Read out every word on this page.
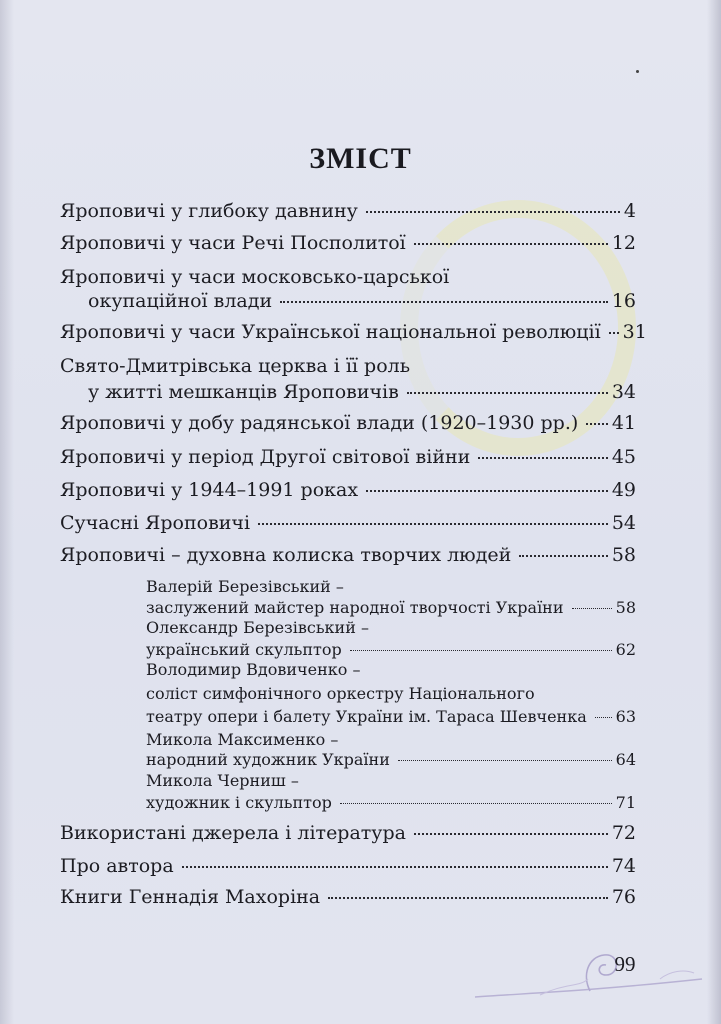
ЗМІСТ
Яроповичі у глибоку давнину	4
Яроповичі у часи Речі Посполитої	12
Яроповичі у часи московсько-царської
окупаційної влади	16
Яроповичі у часи Української національної революції 31
Свято-Дмитрівська церква і її роль
у житті мешканців Яроповичів	34
Яроповичі у добу радянської влади (1920–1930 рр.) 41
Яроповичі у період Другої світової війни	45
Яроповичі у 1944–1991 роках	49
Сучасні Яроповичі	54
Яроповичі – духовна колиска творчих людей	58
Валерій Березівський –
заслужений майстер народної творчості України	58
Олександр Березівський –
український скульптор	62
Володимир Вдовиченко –
соліст симфонічного оркестру Національного
театру опери і балету України ім. Тараса Шевченка 63
Микола Максименко –
народний художник України	64
Микола Черниш –
художник і скульптор	71
Використані джерела і література	72
Про автора	74
Книги Геннадія Махоріна	76
99
